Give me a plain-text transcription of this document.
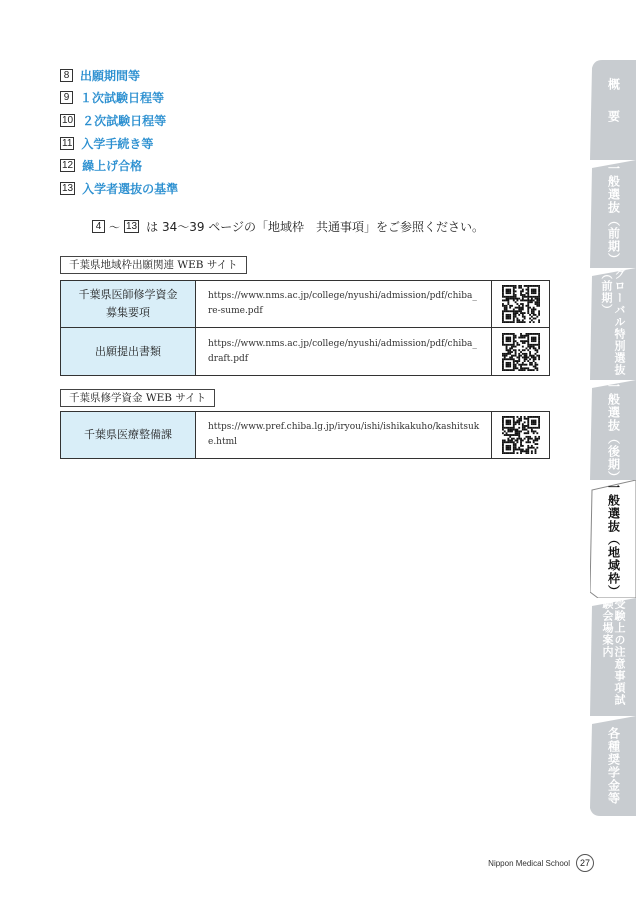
8 出願期間等
9 １次試験日程等
10 ２次試験日程等
11 入学手続き等
12 繰上げ合格
13 入学者選抜の基準
4 ～ 13 は 34～39 ページの「地域枠　共通事項」をご参照ください。
千葉県地域枠出願関連 WEB サイト
千葉県医師修学資金
募集要項	https://www.nms.ac.jp/college/nyushi/admission/pdf/chiba_re-sume.pdf	

出願提出書類	https://www.nms.ac.jp/college/nyushi/admission/pdf/chiba_draft.pdf	
千葉県修学資金 WEB サイト
千葉県医療整備課	https://www.pref.chiba.lg.jp/iryou/ishi/ishikakuho/kashitsuke.html	
概要
一般選抜（前期）
グローバル特別選抜（前期）
一般選抜（後期）
一般選抜（地域枠）
受験上の注意事項試験会場案内
各種奨学金等
Nippon Medical School	27
